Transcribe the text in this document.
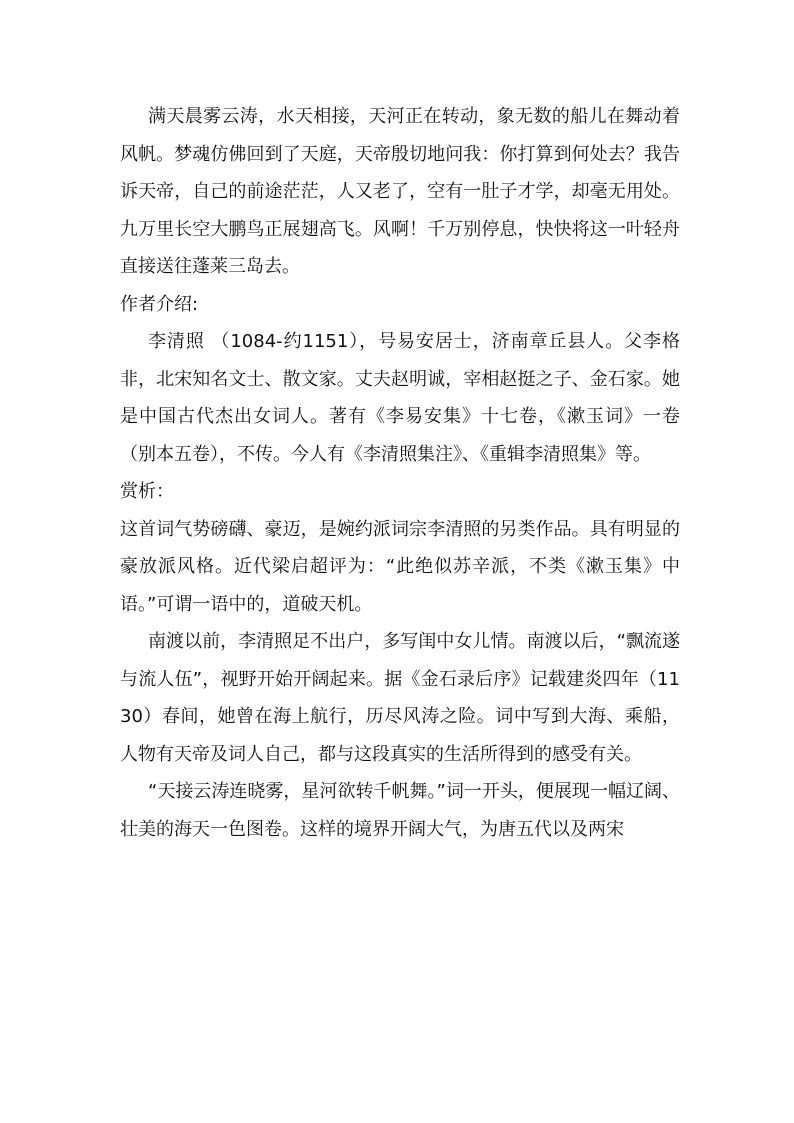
满天晨雾云涛，水天相接，天河正在转动，象无数的船儿在舞动着风帆。梦魂仿佛回到了天庭，天帝殷切地问我：你打算到何处去？我告诉天帝，自己的前途茫茫，人又老了，空有一肚子才学，却毫无用处。九万里长空大鹏鸟正展翅高飞。风啊！千万别停息，快快将这一叶轻舟直接送往蓬莱三岛去。

作者介绍:

李清照 （1084-约1151），号易安居士，济南章丘县人。父李格非，北宋知名文士、散文家。丈夫赵明诚，宰相赵挺之子、金石家。她是中国古代杰出女词人。著有《李易安集》十七卷，《漱玉词》一卷（别本五卷），不传。今人有《李清照集注》、《重辑李清照集》等。

赏析：

这首词气势磅礴、豪迈，是婉约派词宗李清照的另类作品。具有明显的豪放派风格。近代梁启超评为：“此绝似苏辛派，不类《漱玉集》中语。”可谓一语中的，道破天机。

南渡以前，李清照足不出户，多写闺中女儿情。南渡以后，“飘流遂与流人伍”，视野开始开阔起来。据《金石录后序》记载建炎四年（1130）春间，她曾在海上航行，历尽风涛之险。词中写到大海、乘船，人物有天帝及词人自己，都与这段真实的生活所得到的感受有关。

“天接云涛连晓雾，星河欲转千帆舞。”词一开头，便展现一幅辽阔、壮美的海天一色图卷。这样的境界开阔大气，为唐五代以及两宋
